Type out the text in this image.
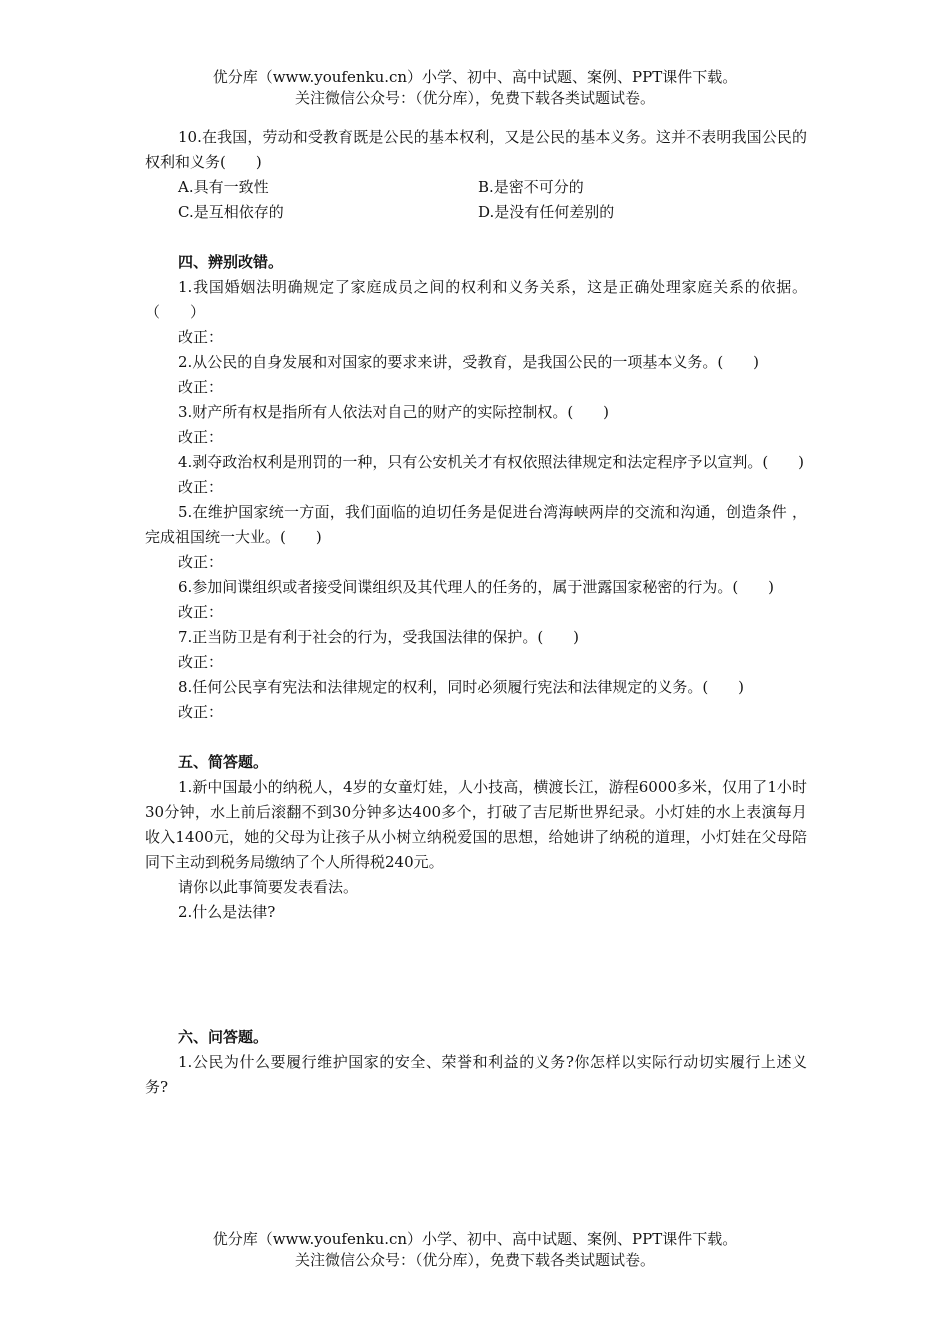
优分库（www.youfenku.cn）小学、初中、高中试题、案例、PPT课件下载。
关注微信公众号：（优分库），免费下载各类试题试卷。
10.在我国，劳动和受教育既是公民的基本权利，又是公民的基本义务。这并不表明我国公民的权利和义务(　　)
A.具有一致性	B.是密不可分的
C.是互相依存的	D.是没有任何差别的
四、辨别改错。
1.我国婚姻法明确规定了家庭成员之间的权利和义务关系，这是正确处理家庭关系的依据。（　　）
改正：
2.从公民的自身发展和对国家的要求来讲，受教育，是我国公民的一项基本义务。(　　)
改正：
3.财产所有权是指所有人依法对自己的财产的实际控制权。(　　)
改正：
4.剥夺政治权利是刑罚的一种，只有公安机关才有权依照法律规定和法定程序予以宣判。(　　)
改正：
5.在维护国家统一方面，我们面临的迫切任务是促进台湾海峡两岸的交流和沟通，创造条件 ，完成祖国统一大业。(　　)
改正：
6.参加间谍组织或者接受间谍组织及其代理人的任务的，属于泄露国家秘密的行为。(　　)
改正：
7.正当防卫是有利于社会的行为，受我国法律的保护。(　　)
改正：
8.任何公民享有宪法和法律规定的权利，同时必须履行宪法和法律规定的义务。(　　)
改正：
五、简答题。
1.新中国最小的纳税人，4岁的女童灯娃，人小技高，横渡长江，游程6000多米，仅用了1小时30分钟，水上前后滚翻不到30分钟多达400多个，打破了吉尼斯世界纪录。小灯娃的水上表演每月收入1400元，她的父母为让孩子从小树立纳税爱国的思想，给她讲了纳税的道理，小灯娃在父母陪同下主动到税务局缴纳了个人所得税240元。
请你以此事简要发表看法。
2.什么是法律?
六、问答题。
1.公民为什么要履行维护国家的安全、荣誉和利益的义务?你怎样以实际行动切实履行上述义务?
优分库（www.youfenku.cn）小学、初中、高中试题、案例、PPT课件下载。
关注微信公众号：（优分库），免费下载各类试题试卷。
